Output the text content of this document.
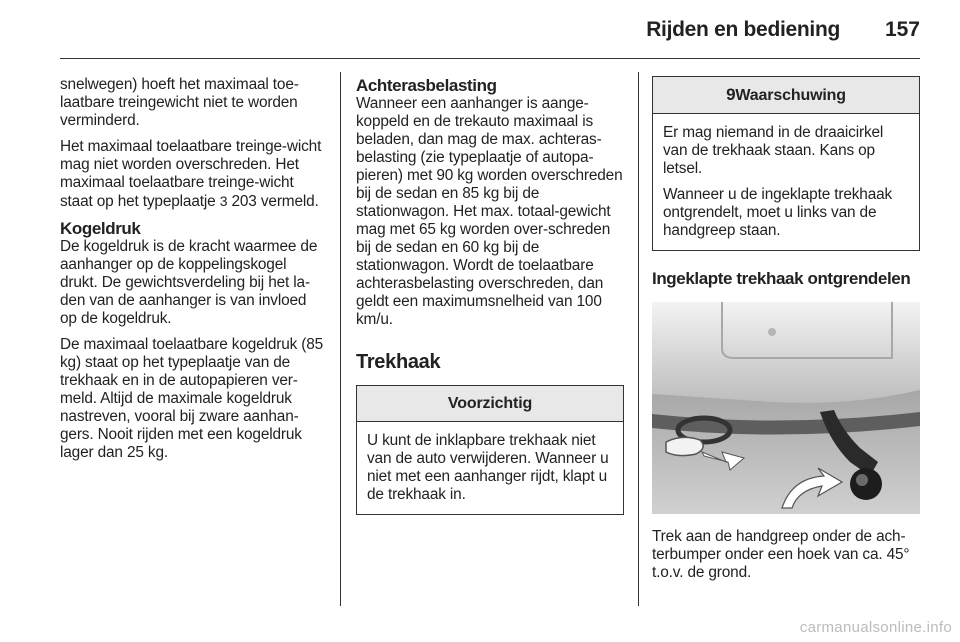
Rijden en bediening 157

snelwegen) hoeft het maximaal toe-laatbare treingewicht niet te worden verminderd.

Het maximaal toelaatbare treinge-wicht mag niet worden overschreden. Het maximaal toelaatbare treinge-wicht staat op het typeplaatje 3 203 vermeld.

Kogeldruk

De kogeldruk is de kracht waarmee de aanhanger op de koppelingskogel drukt. De gewichtsverdeling bij het la-den van de aanhanger is van invloed op de kogeldruk.

De maximaal toelaatbare kogeldruk (85 kg) staat op het typeplaatje van de trekhaak en in de autopapieren ver-meld. Altijd de maximale kogeldruk nastreven, vooral bij zware aanhan-gers. Nooit rijden met een kogeldruk lager dan 25 kg.

Achterasbelasting

Wanneer een aanhanger is aange-koppeld en de trekauto maximaal is beladen, dan mag de max. achteras-belasting (zie typeplaatje of autopa-pieren) met 90 kg worden overschreden bij de sedan en 85 kg bij de stationwagon. Het max. totaal-gewicht mag met 65 kg worden over-schreden bij de sedan en 60 kg bij de stationwagon. Wordt de toelaatbare achterasbelasting overschreden, dan geldt een maximumsnelheid van 100 km/u.

Trekhaak
Voorzichtig

U kunt de inklapbare trekhaak niet van de auto verwijderen. Wanneer u niet met een aanhanger rijdt, klapt u de trekhaak in.

9Waarschuwing

Er mag niemand in de draaicirkel van de trekhaak staan. Kans op letsel.

Wanneer u de ingeklapte trekhaak ontgrendelt, moet u links van de handgreep staan.

Ingeklapte trekhaak ontgrendelen

Trek aan de handgreep onder de ach-terbumper onder een hoek van ca. 45° t.o.v. de grond.

carmanualsonline.info
